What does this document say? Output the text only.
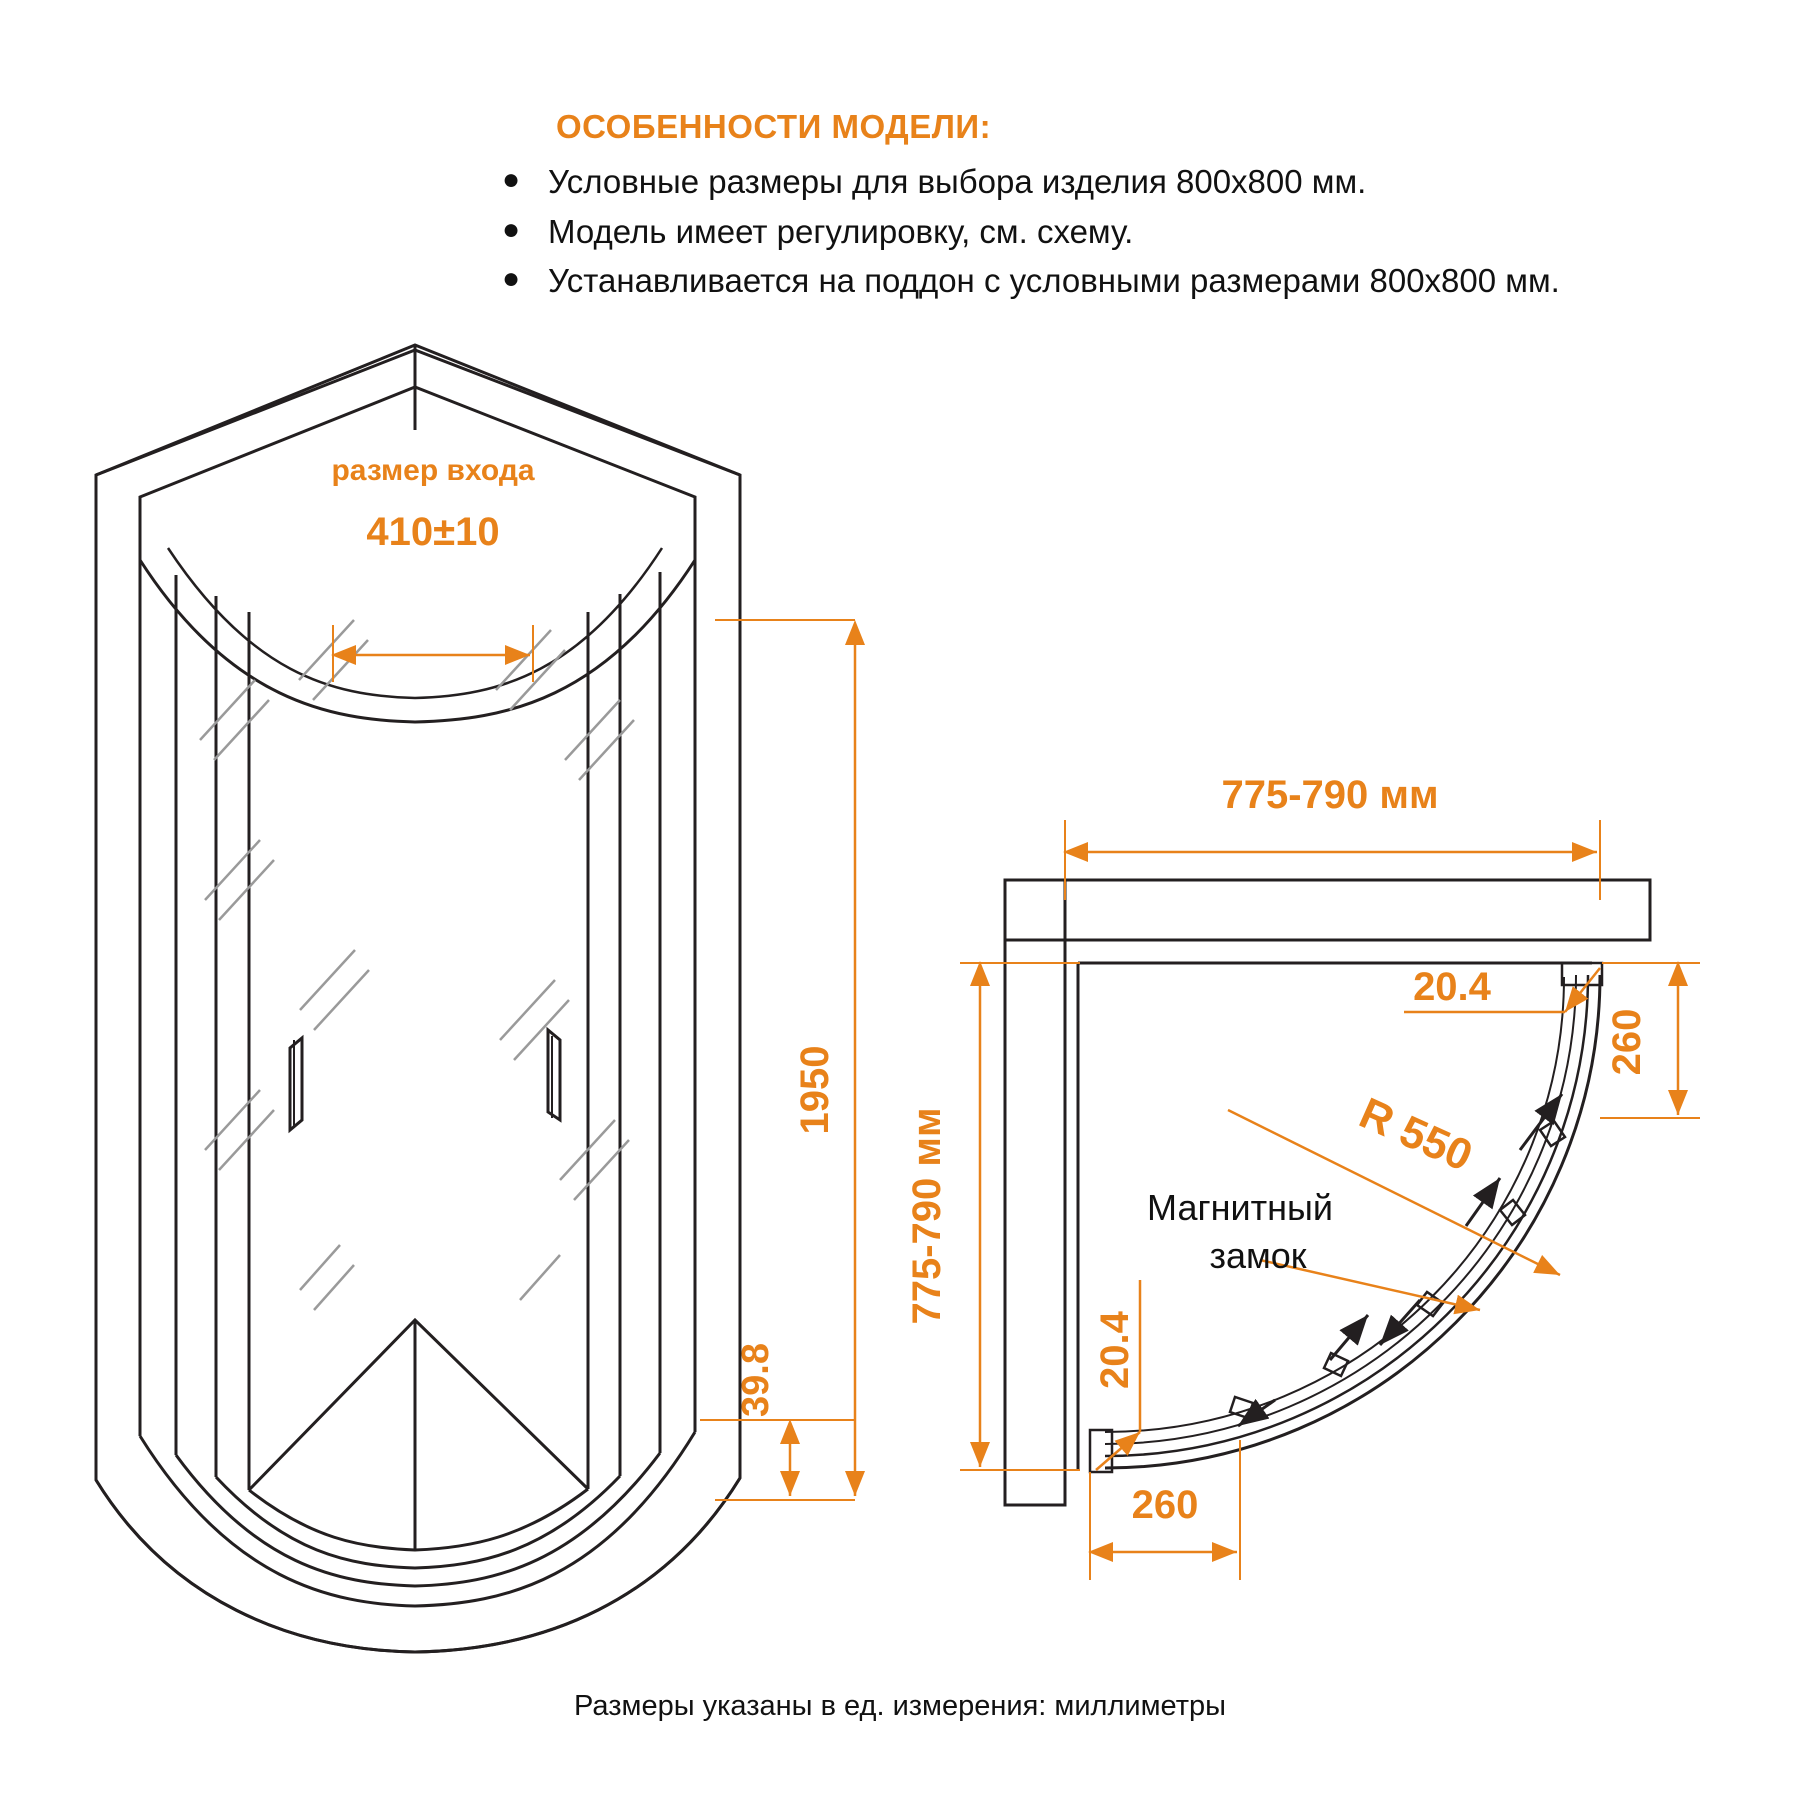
ОСОБЕННОСТИ МОДЕЛИ:
● Условные размеры для выбора изделия 800x800 мм.
● Модель имеет регулировку, см. схему.
● Устанавливается на поддон с условными размерами 800x800 мм.
410±10
размер входа
1950
39.8
775-790 мм
775-790 мм
260
260
20.4
20.4
R 550
Магнитный
замок
Размеры указаны в ед. измерения: миллиметры
